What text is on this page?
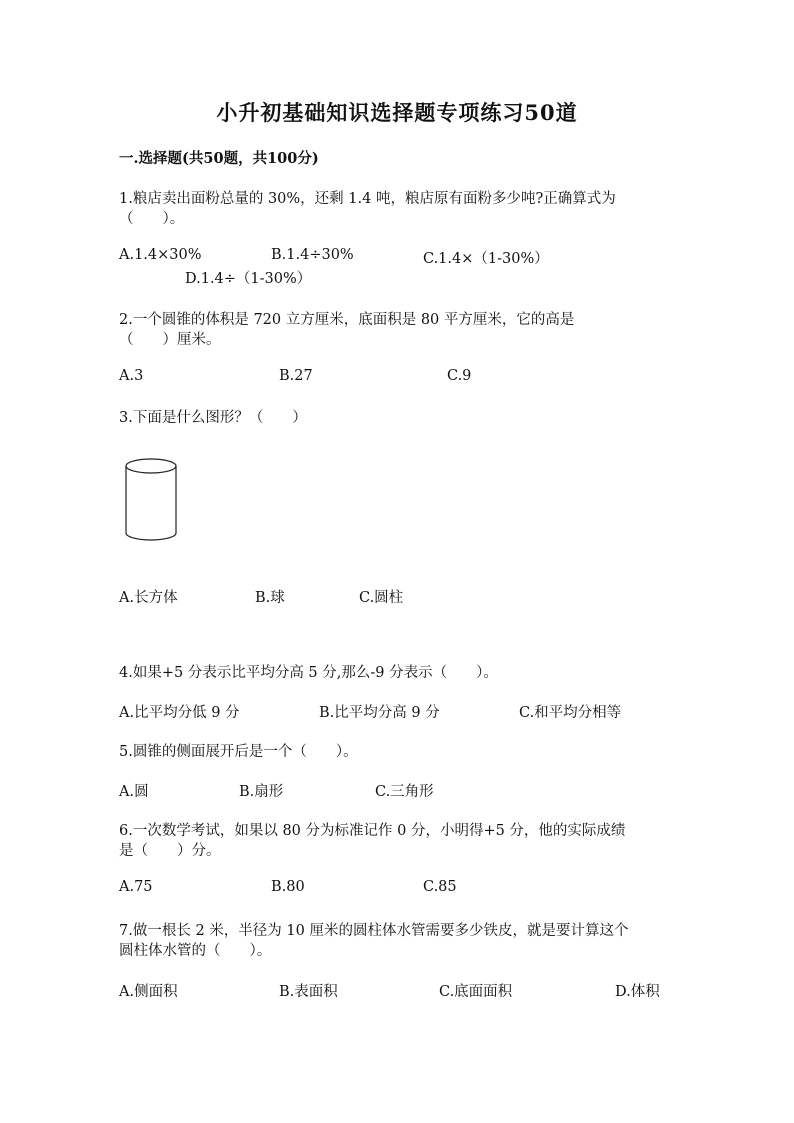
小升初基础知识选择题专项练习50道
一.选择题(共50题，共100分)
1.粮店卖出面粉总量的 30%，还剩 1.4 吨，粮店原有面粉多少吨?正确算式为
（　　）。
A.1.4×30%	B.1.4÷30%	C.1.4×（1-30%）
D.1.4÷（1-30%）
2.一个圆锥的体积是 720 立方厘米，底面积是 80 平方厘米，它的高是
（　　）厘米。
A.3	B.27	C.9
3.下面是什么图形？（　　）
A.长方体	B.球	C.圆柱
4.如果+5 分表示比平均分高 5 分,那么-9 分表示（　　）。
A.比平均分低 9 分	B.比平均分高 9 分	C.和平均分相等
5.圆锥的侧面展开后是一个（　　）。
A.圆	B.扇形	C.三角形
6.一次数学考试，如果以 80 分为标准记作 0 分，小明得+5 分，他的实际成绩
是（　　）分。
A.75	B.80	C.85
7.做一根长 2 米，半径为 10 厘米的圆柱体水管需要多少铁皮，就是要计算这个
圆柱体水管的（　　）。
A.侧面积	B.表面积	C.底面面积	D.体积
